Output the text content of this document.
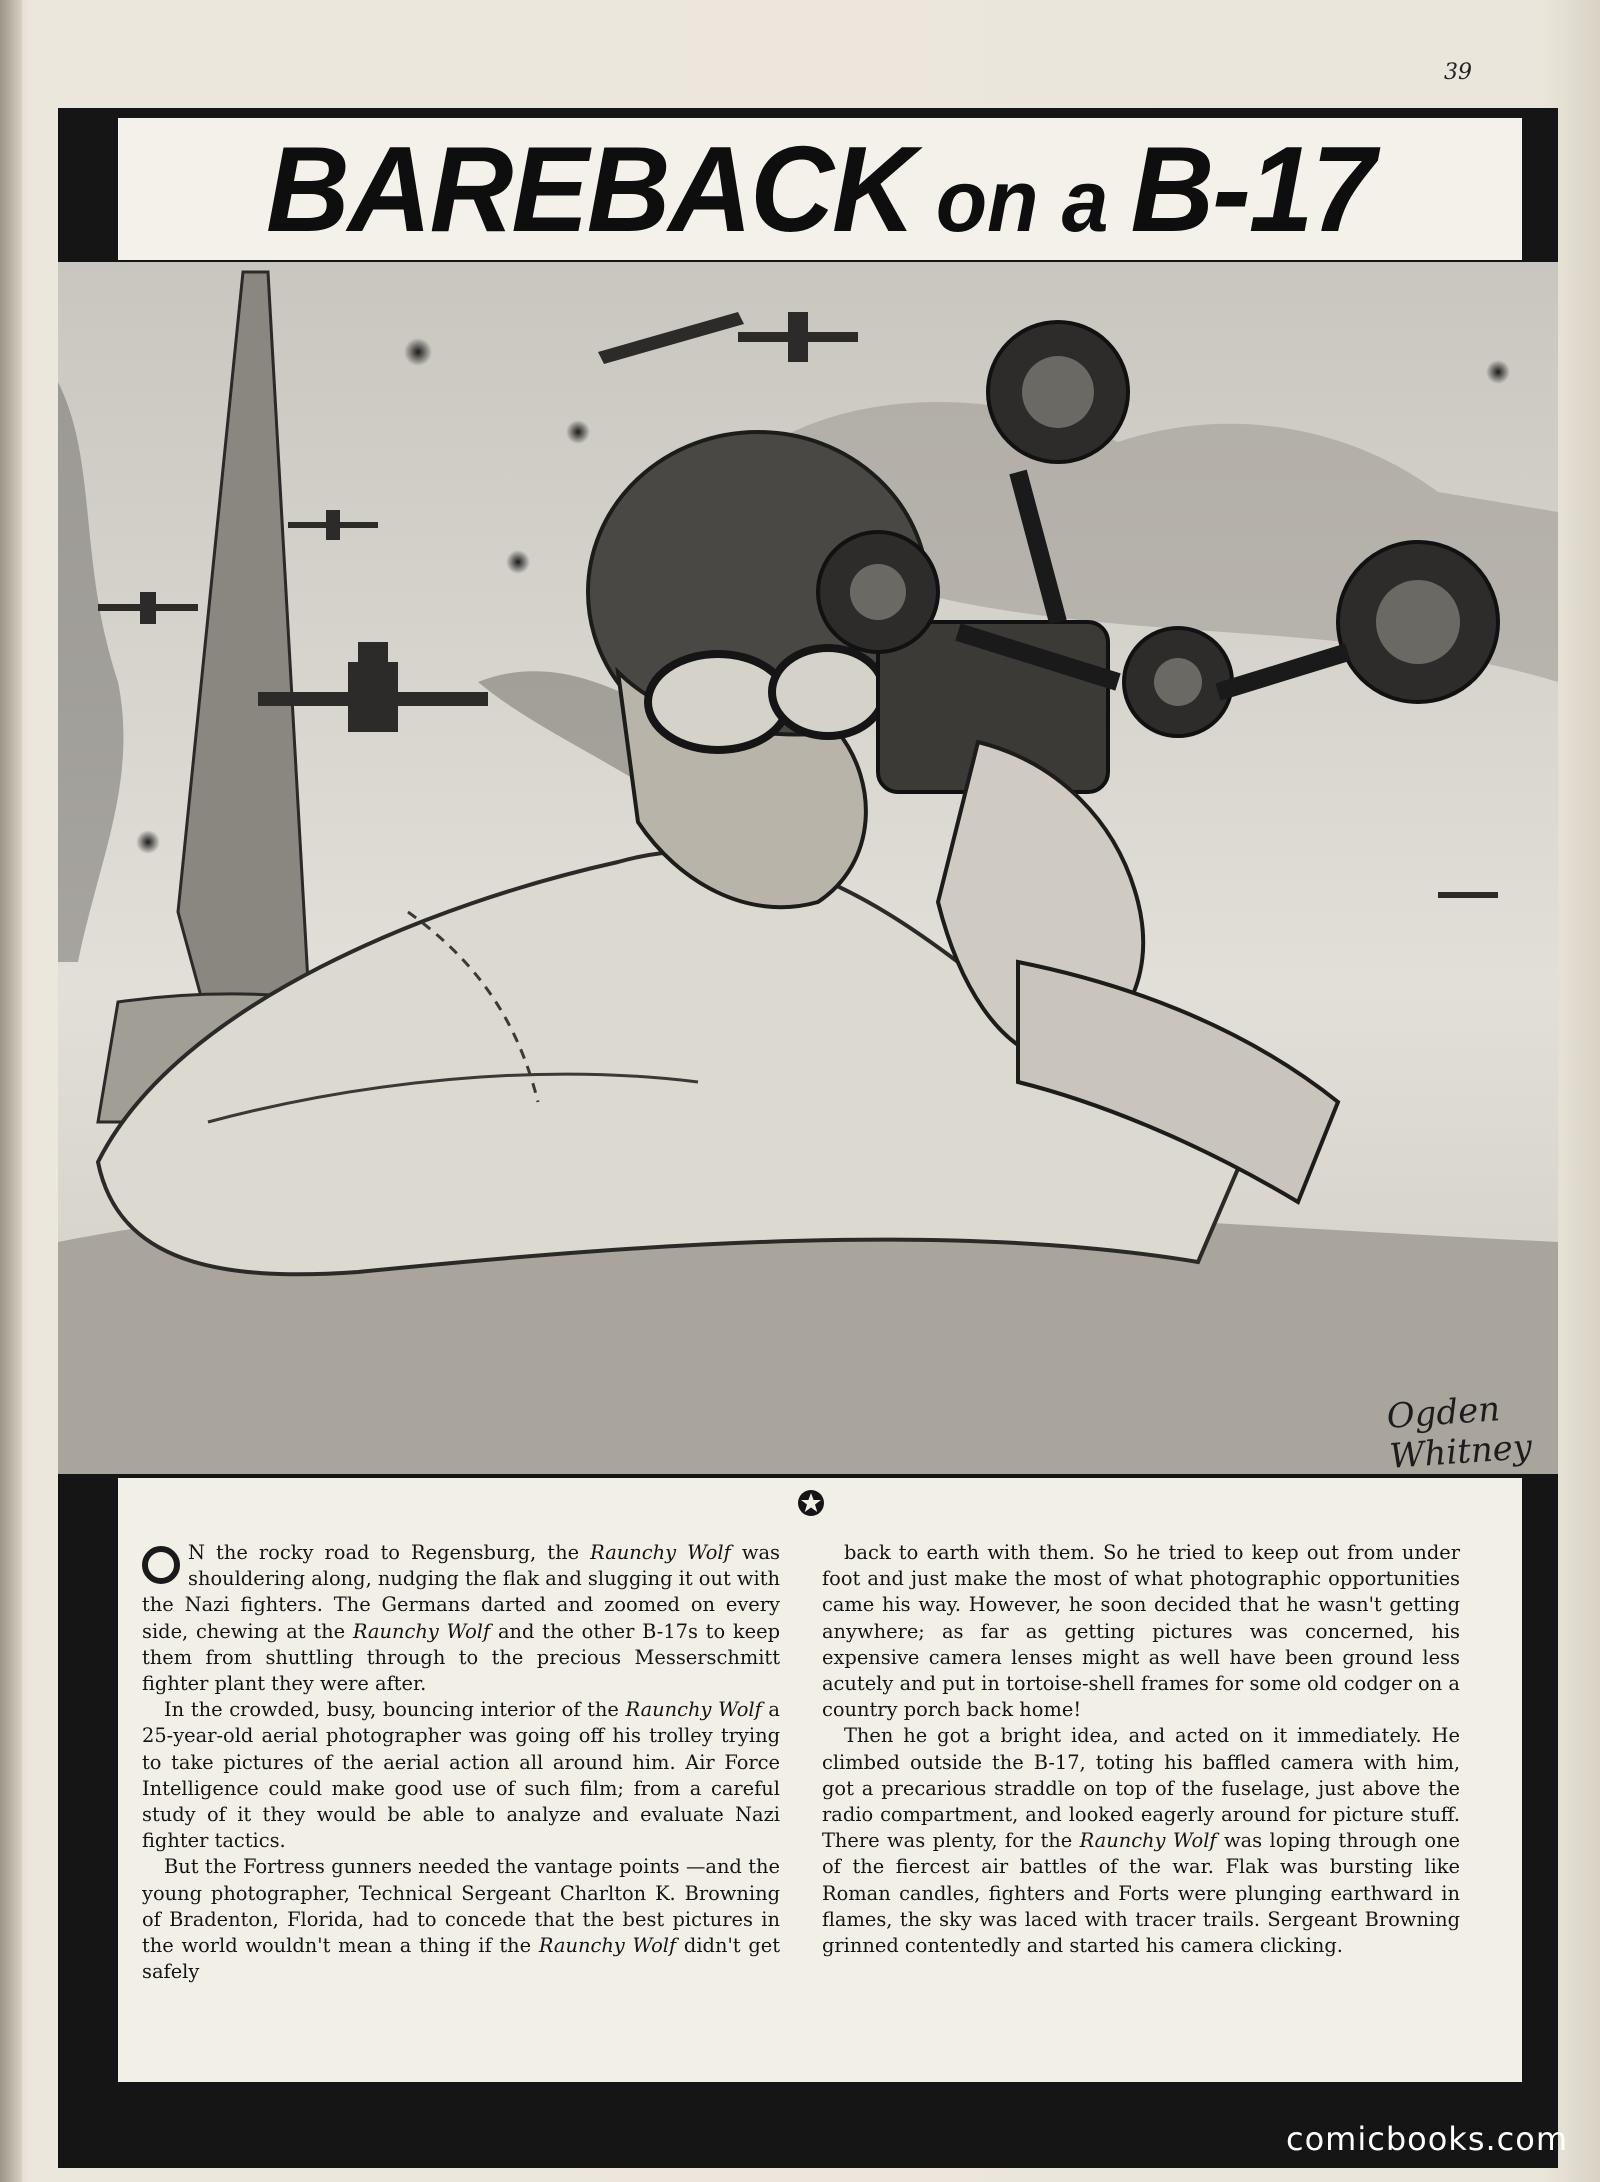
39
BAREBACK on a B-17
Ogden Whitney

N the rocky road to Regensburg, the Raunchy Wolf was shouldering along, nudging the flak and slugging it out with the Nazi fighters. The Germans darted and zoomed on every side, chewing at the Raunchy Wolf and the other B-17s to keep them from shuttling through to the precious Messerschmitt fighter plant they were after.

In the crowded, busy, bouncing interior of the Raunchy Wolf a 25-year-old aerial photographer was going off his trolley trying to take pictures of the aerial action all around him. Air Force Intelligence could make good use of such film; from a careful study of it they would be able to analyze and evaluate Nazi fighter tactics.

But the Fortress gunners needed the vantage points —and the young photographer, Technical Sergeant Charlton K. Browning of Bradenton, Florida, had to concede that the best pictures in the world wouldn't mean a thing if the Raunchy Wolf didn't get safely

back to earth with them. So he tried to keep out from under foot and just make the most of what photographic opportunities came his way. However, he soon decided that he wasn't getting anywhere; as far as getting pictures was concerned, his expensive camera lenses might as well have been ground less acutely and put in tortoise-shell frames for some old codger on a country porch back home!

Then he got a bright idea, and acted on it immediately. He climbed outside the B-17, toting his baffled camera with him, got a precarious straddle on top of the fuselage, just above the radio compartment, and looked eagerly around for picture stuff. There was plenty, for the Raunchy Wolf was loping through one of the fiercest air battles of the war. Flak was bursting like Roman candles, fighters and Forts were plunging earthward in flames, the sky was laced with tracer trails. Sergeant Browning grinned contentedly and started his camera clicking.

comicbooks.com
